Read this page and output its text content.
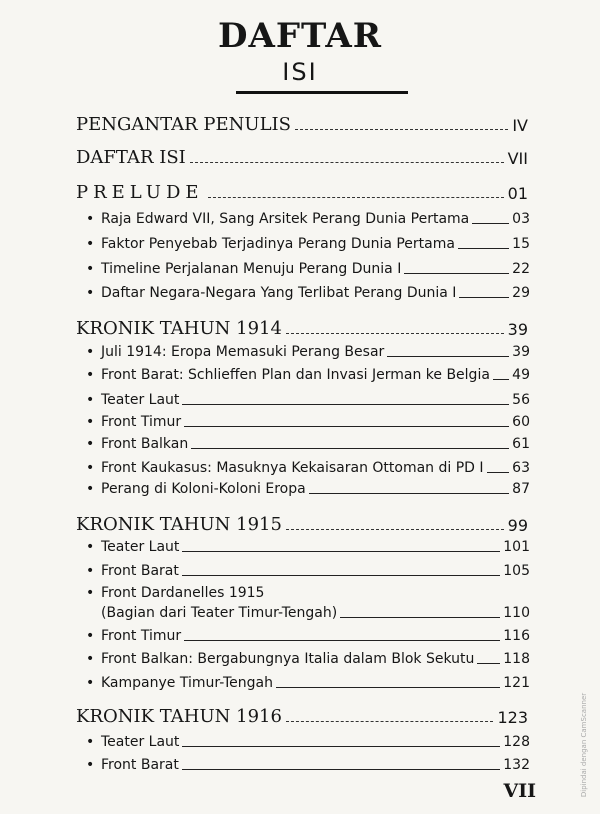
DAFTAR
ISI
PENGANTAR PENULIS	IV
DAFTAR ISI	VII
PRELUDE	01
• Raja Edward VII, Sang Arsitek Perang Dunia Pertama	03
• Faktor Penyebab Terjadinya Perang Dunia Pertama	15
• Timeline Perjalanan Menuju Perang Dunia I	22
• Daftar Negara-Negara Yang Terlibat Perang Dunia I	29
KRONIK TAHUN 1914	39
• Juli 1914: Eropa Memasuki Perang Besar	39
• Front Barat: Schlieffen Plan dan Invasi Jerman ke Belgia 49
• Teater Laut	56
• Front Timur	60
• Front Balkan	61
• Front Kaukasus: Masuknya Kekaisaran Ottoman di PD I 63
• Perang di Koloni-Koloni Eropa	87
KRONIK TAHUN 1915	99
• Teater Laut	101
• Front Barat	105
• Front Dardanelles 1915
(Bagian dari Teater Timur-Tengah)	110
• Front Timur	116
• Front Balkan: Bergabungnya Italia dalam Blok Sekutu 118
• Kampanye Timur-Tengah	121
KRONIK TAHUN 1916	123
• Teater Laut	128
• Front Barat	132
VII	Dipindai dengan CamScanner
